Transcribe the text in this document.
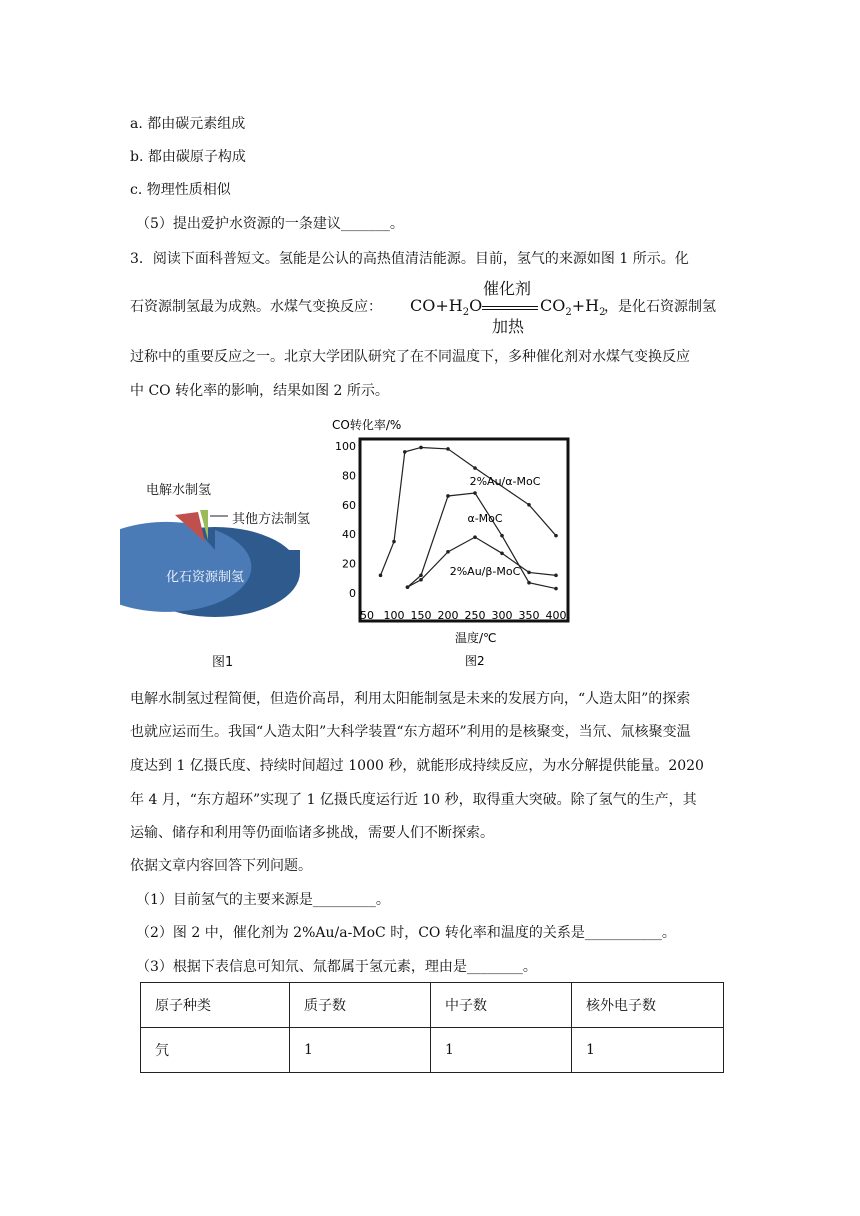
a. 都由碳元素组成
b. 都由碳原子构成
c. 物理性质相似
（5）提出爱护水资源的一条建议_______。
3．阅读下面科普短文。氢能是公认的高热值清洁能源。目前，氢气的来源如图 1 所示。化
石资源制氢最为成熟。水煤气变换反应： $CO+H_2O$
催化剂
加热
$CO_2+H_2$
，是化石资源制氢
过称中的重要反应之一。北京大学团队研究了在不同温度下，多种催化剂对水煤气变换反应
中 CO 转化率的影响，结果如图 2 所示。
电解水制氢
其他方法制氢
化石资源制氢
图1
CO转化率/%
0
20
40
60
80
100
50 100 150 200 250 300 350 400
2%Au/α-MoC
α-MoC
2%Au/β-MoC
温度/℃
图2
电解水制氢过程简便，但造价高昂，利用太阳能制氢是未来的发展方向，“人造太阳”的探索
也就应运而生。我国“人造太阳”大科学装置“东方超环”利用的是核聚变，当氘、氚核聚变温
度达到 1 亿摄氏度、持续时间超过 1000 秒，就能形成持续反应，为水分解提供能量。2020
年 4 月，“东方超环”实现了 1 亿摄氏度运行近 10 秒，取得重大突破。除了氢气的生产，其
运输、储存和利用等仍面临诸多挑战，需要人们不断探索。
依据文章内容回答下列问题。
（1）目前氢气的主要来源是_________。
（2）图 2 中，催化剂为 2%Au/a-MoC 时，CO 转化率和温度的关系是___________。
（3）根据下表信息可知氘、氚都属于氢元素，理由是________。
原子种类	质子数	中子数	核外电子数
氕	1	1	1
